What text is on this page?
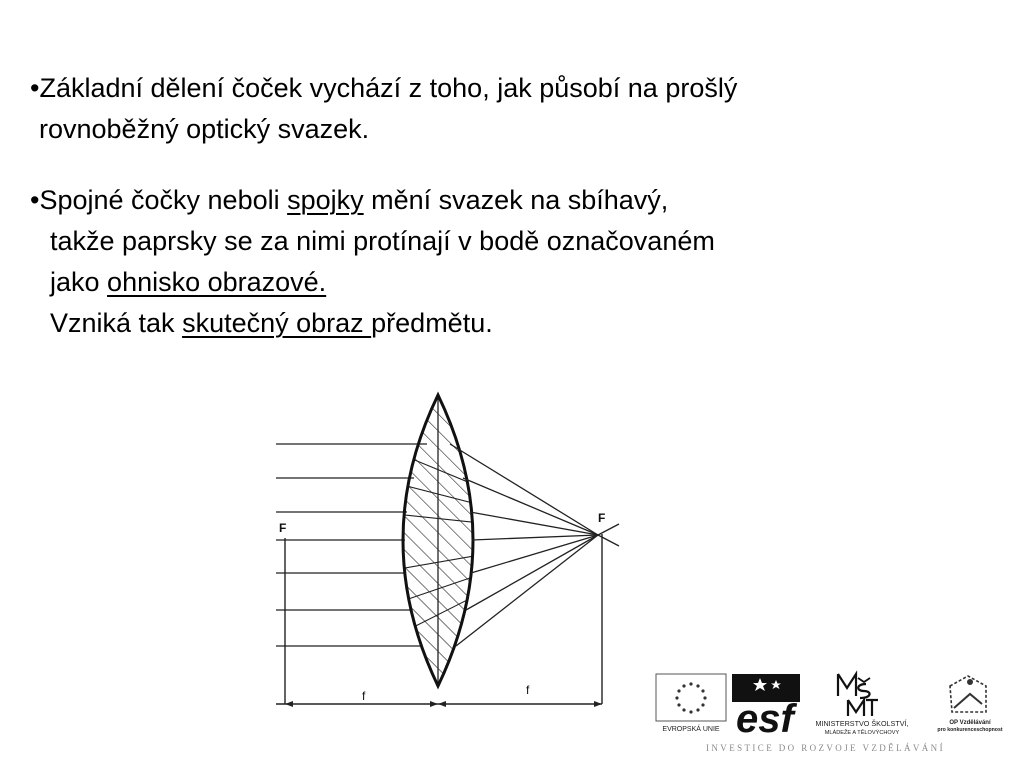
•Základní dělení čoček vychází z toho, jak působí na prošlý
rovnoběžný optický svazek.
•Spojné čočky neboli spojky mění svazek na sbíhavý,
takže paprsky se za nimi protínají v bodě označovaném
jako ohnisko obrazové.
Vzniká tak skutečný obraz předmětu.
F
F
f	f
EVROPSKÁ UNIE esf	MINISTERSTVO ŠKOLSTVÍ,
MLÁDEŽE A TĚLOVÝCHOVY
OP Vzdělávání
pro konkurenceschopnost
INVESTICE DO ROZVOJE VZDĚLÁVÁNÍ
